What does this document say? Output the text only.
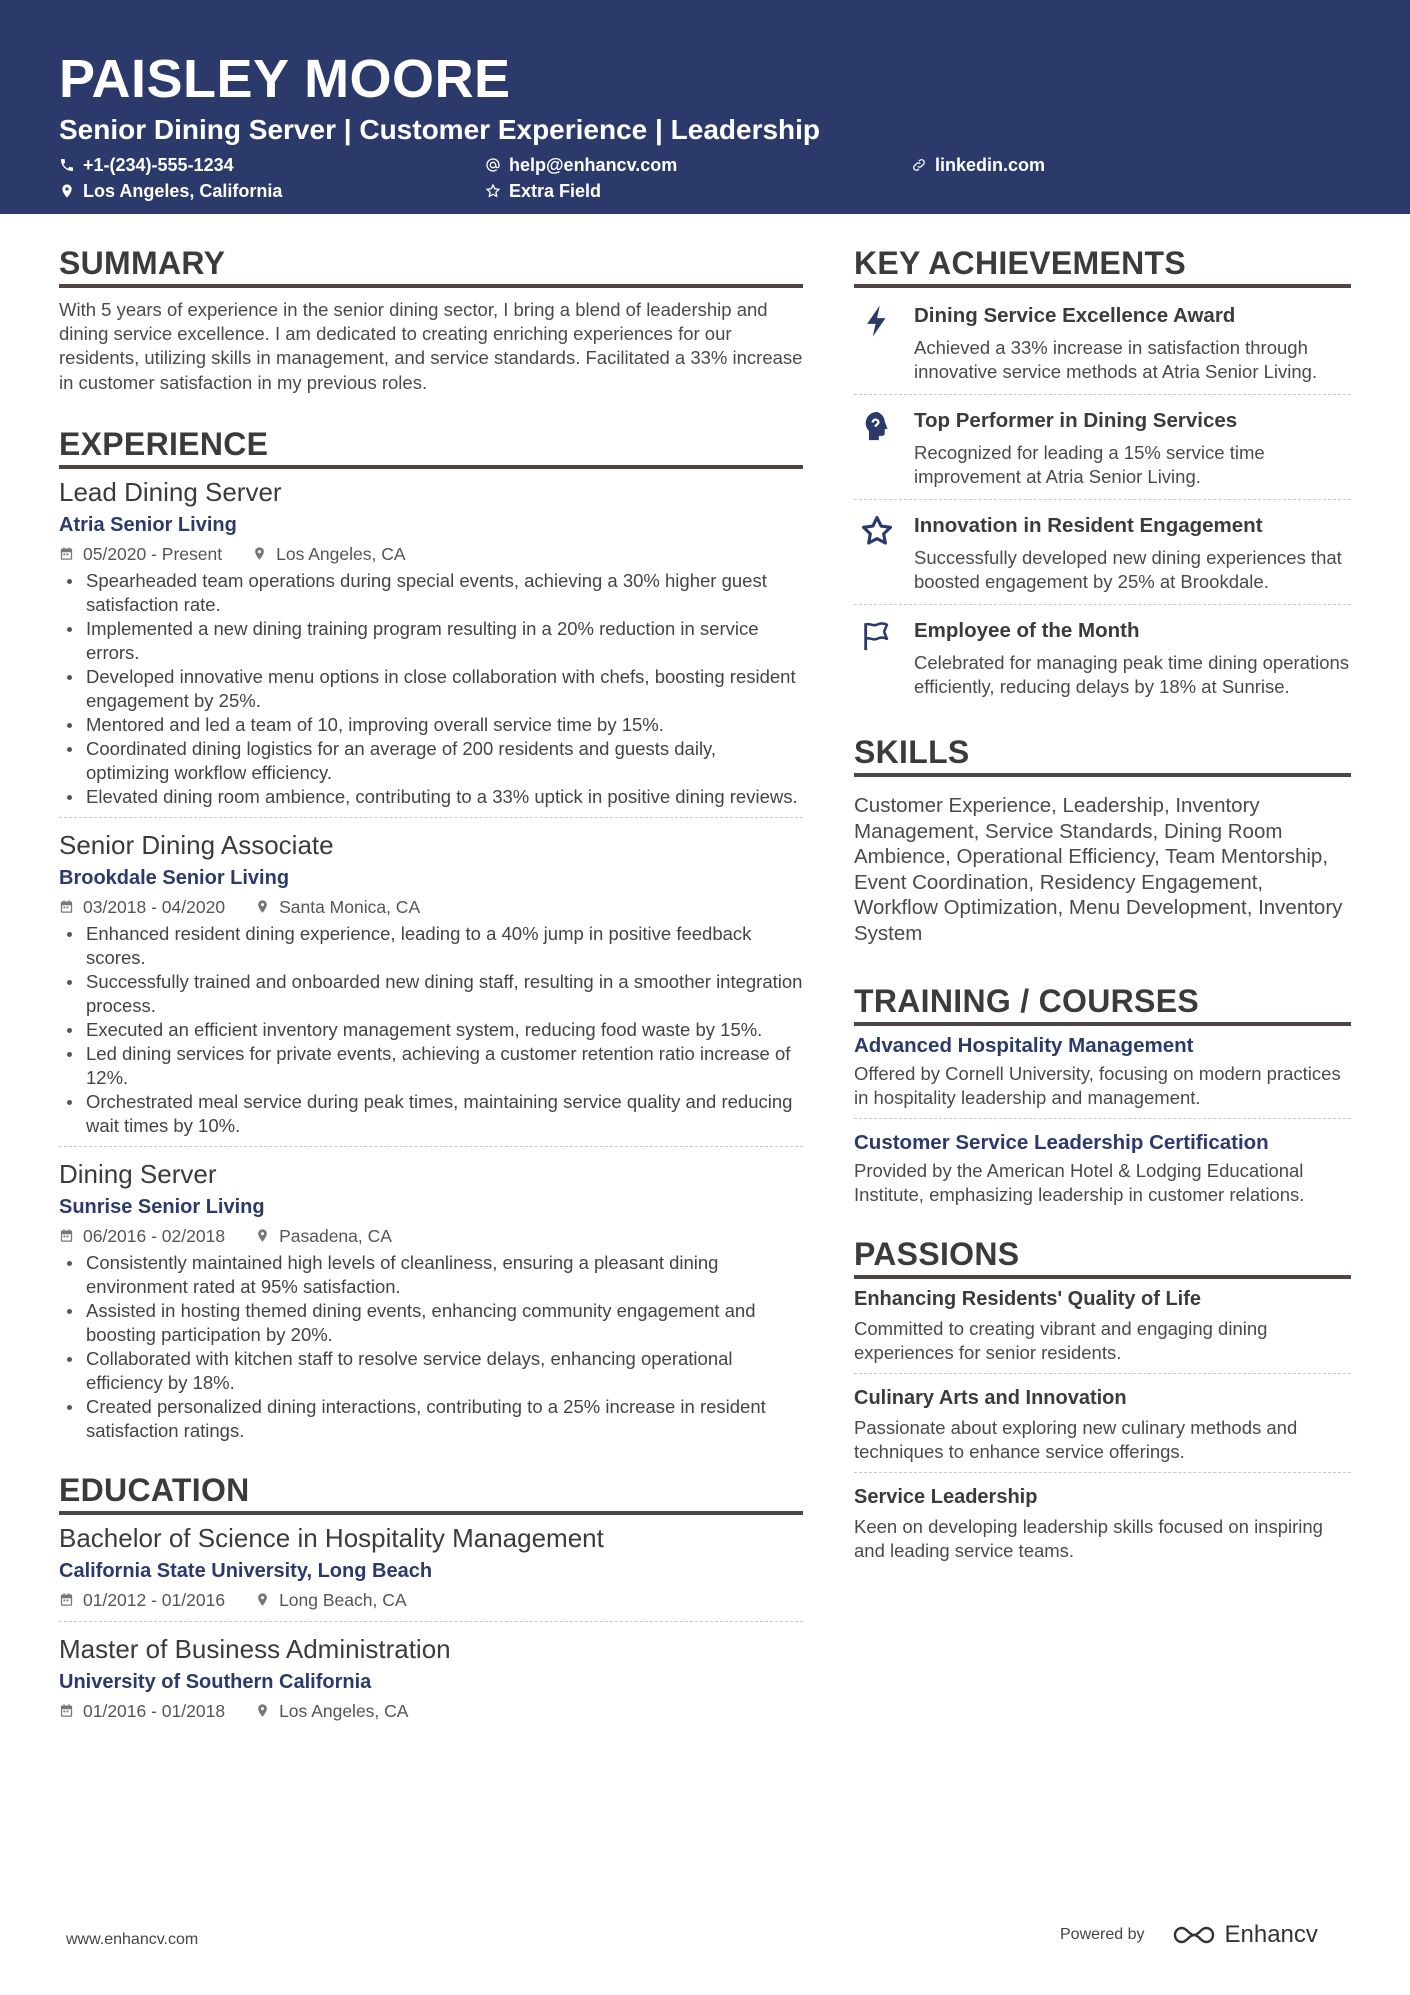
PAISLEY MOORE
Senior Dining Server | Customer Experience | Leadership
+1-(234)-555-1234	help@enhancv.com	linkedin.com
Los Angeles, California	Extra Field
SUMMARY
With 5 years of experience in the senior dining sector, I bring a blend of leadership and dining service excellence. I am dedicated to creating enriching experiences for our residents, utilizing skills in management, and service standards. Facilitated a 33% increase in customer satisfaction in my previous roles.
EXPERIENCE
Lead Dining Server
Atria Senior Living
05/2020 - Present	Los Angeles, CA
Spearheaded team operations during special events, achieving a 30% higher guest satisfaction rate.
Implemented a new dining training program resulting in a 20% reduction in service errors.
Developed innovative menu options in close collaboration with chefs, boosting resident engagement by 25%.
Mentored and led a team of 10, improving overall service time by 15%.
Coordinated dining logistics for an average of 200 residents and guests daily, optimizing workflow efficiency.
Elevated dining room ambience, contributing to a 33% uptick in positive dining reviews.
Senior Dining Associate
Brookdale Senior Living
03/2018 - 04/2020	Santa Monica, CA
Enhanced resident dining experience, leading to a 40% jump in positive feedback scores.
Successfully trained and onboarded new dining staff, resulting in a smoother integration process.
Executed an efficient inventory management system, reducing food waste by 15%.
Led dining services for private events, achieving a customer retention ratio increase of 12%.
Orchestrated meal service during peak times, maintaining service quality and reducing wait times by 10%.
Dining Server
Sunrise Senior Living
06/2016 - 02/2018	Pasadena, CA
Consistently maintained high levels of cleanliness, ensuring a pleasant dining environment rated at 95% satisfaction.
Assisted in hosting themed dining events, enhancing community engagement and boosting participation by 20%.
Collaborated with kitchen staff to resolve service delays, enhancing operational efficiency by 18%.
Created personalized dining interactions, contributing to a 25% increase in resident satisfaction ratings.
EDUCATION
Bachelor of Science in Hospitality Management
California State University, Long Beach
01/2012 - 01/2016	Long Beach, CA
Master of Business Administration
University of Southern California
01/2016 - 01/2018	Los Angeles, CA
KEY ACHIEVEMENTS
Dining Service Excellence Award
Achieved a 33% increase in satisfaction through innovative service methods at Atria Senior Living.
Top Performer in Dining Services
Recognized for leading a 15% service time improvement at Atria Senior Living.
Innovation in Resident Engagement
Successfully developed new dining experiences that boosted engagement by 25% at Brookdale.
Employee of the Month
Celebrated for managing peak time dining operations efficiently, reducing delays by 18% at Sunrise.
SKILLS
Customer Experience, Leadership, Inventory Management, Service Standards, Dining Room Ambience, Operational Efficiency, Team Mentorship, Event Coordination, Residency Engagement, Workflow Optimization, Menu Development, Inventory System
TRAINING / COURSES
Advanced Hospitality Management
Offered by Cornell University, focusing on modern practices in hospitality leadership and management.
Customer Service Leadership Certification
Provided by the American Hotel & Lodging Educational Institute, emphasizing leadership in customer relations.
PASSIONS
Enhancing Residents' Quality of Life
Committed to creating vibrant and engaging dining experiences for senior residents.
Culinary Arts and Innovation
Passionate about exploring new culinary methods and techniques to enhance service offerings.
Service Leadership
Keen on developing leadership skills focused on inspiring and leading service teams.
www.enhancv.com	Powered by	Enhancv
